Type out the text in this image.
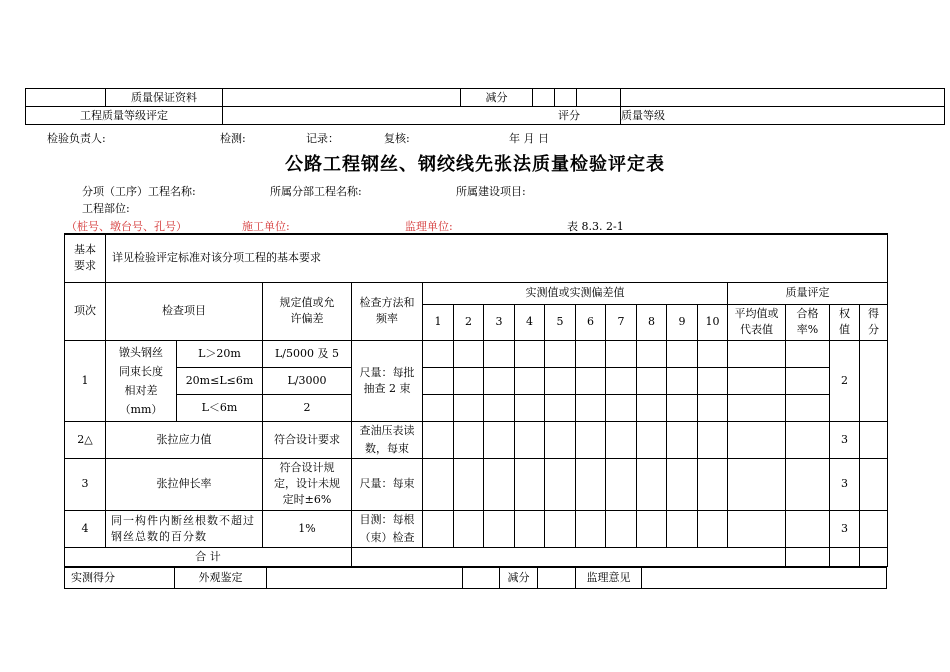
	质量保证资料		减分				
工程质量等级评定		评分					质量等级
检验负责人:	检测:	记录：	复核:	年 月 日
公路工程钢丝、钢绞线先张法质量检验评定表
分项（工序）工程名称:	所属分部工程名称:	所属建设项目:
工程部位:
（桩号、墩台号、孔号）	施工单位:	监理单位:	表 8.3. 2-1
基本要求	详见检验评定标准对该分项工程的基本要求																	
项次	检查项目		规定值或允许偏差	检查方法和频率	实测值或实测偏差值										质量评定			
					1	2	3	4	5	6	7	8	9	10	平均值或代表值	合格率%	权值	得分
1	镦头钢丝同束长度相对差（mm）	L＞20m	L/5000 及 5	尺量：每批抽查 2 束													2	
		20m≤L≤6m	L/3000															
		L＜6m	2															
2△	张拉应力值		符合设计要求	查油压表读数，每束													3	
3	张拉伸长率		符合设计规定，设计未规定时±6%	尺量：每束													3	
4	同一构件内断丝根数不超过钢丝总数的百分数		1%	目测：每根（束）检查													3	
合 计																		
实测得分	外观鉴定			减分		监理意见	
